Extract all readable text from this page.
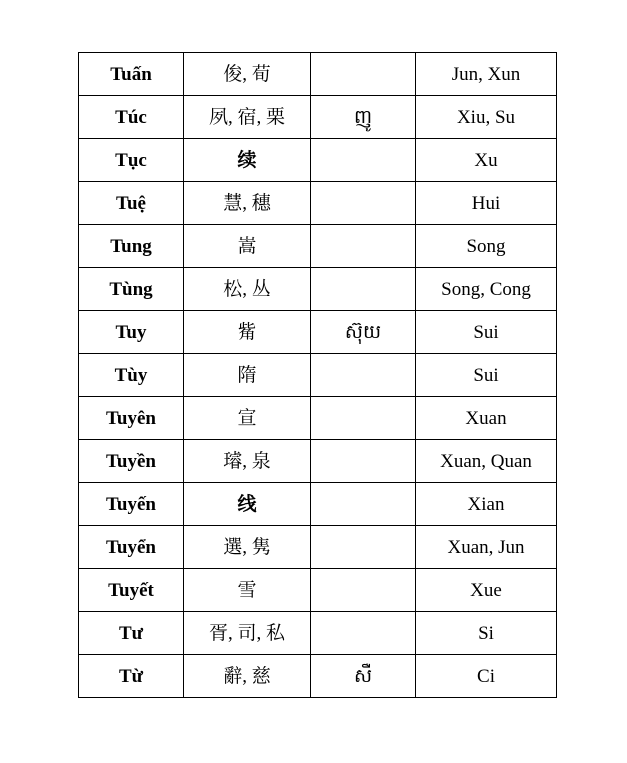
Tuấn	俊, 荀		Jun, Xun
Túc	夙, 宿, 栗	ញូ	Xiu, Su
Tục	续		Xu
Tuệ	慧, 穗		Hui
Tung	嵩		Song
Tùng	松, 丛		Song, Cong
Tuy	觜	ស៊ុយ	Sui
Tùy	隋		Sui
Tuyên	宣		Xuan
Tuyền	璿, 泉		Xuan, Quan
Tuyến	线		Xian
Tuyển	選, 隽		Xuan, Jun
Tuyết	雪		Xue
Tư	胥, 司, 私		Si
Từ	辭, 慈	សឺ	Ci
